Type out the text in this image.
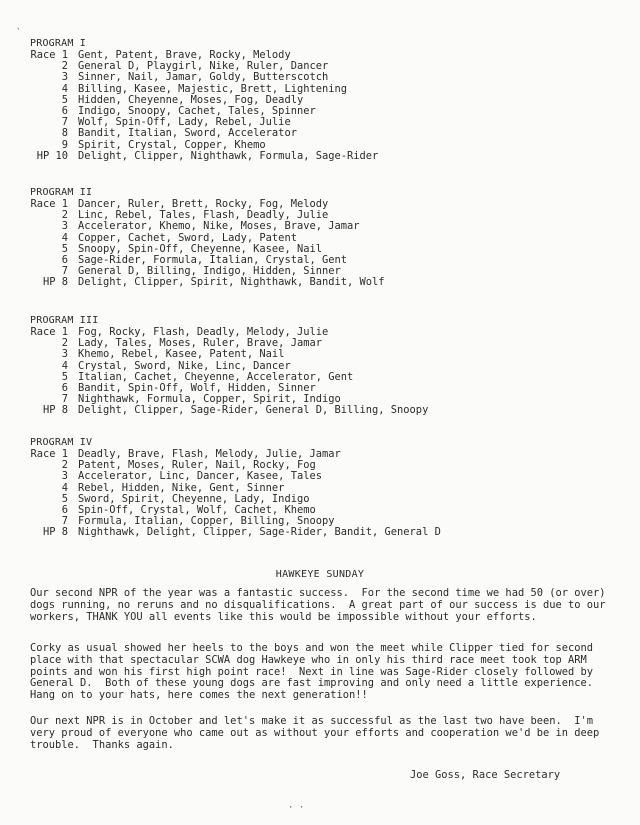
`
· ·
PROGRAM I
Race 1 Gent, Patent, Brave, Rocky, Melody
2 General D, Playgirl, Nike, Ruler, Dancer
3 Sinner, Nail, Jamar, Goldy, Butterscotch
4 Billing, Kasee, Majestic, Brett, Lightening
5 Hidden, Cheyenne, Moses, Fog, Deadly
6 Indigo, Snoopy, Cachet, Tales, Spinner
7 Wolf, Spin-Off, Lady, Rebel, Julie
8 Bandit, Italian, Sword, Accelerator
9 Spirit, Crystal, Copper, Khemo
HP 10 Delight, Clipper, Nighthawk, Formula, Sage-Rider
PROGRAM II
Race 1 Dancer, Ruler, Brett, Rocky, Fog, Melody
2 Linc, Rebel, Tales, Flash, Deadly, Julie
3 Accelerator, Khemo, Nike, Moses, Brave, Jamar
4 Copper, Cachet, Sword, Lady, Patent
5 Snoopy, Spin-Off, Cheyenne, Kasee, Nail
6 Sage-Rider, Formula, Italian, Crystal, Gent
7 General D, Billing, Indigo, Hidden, Sinner
HP 8 Delight, Clipper, Spirit, Nighthawk, Bandit, Wolf
PROGRAM III
Race 1 Fog, Rocky, Flash, Deadly, Melody, Julie
2 Lady, Tales, Moses, Ruler, Brave, Jamar
3 Khemo, Rebel, Kasee, Patent, Nail
4 Crystal, Sword, Nike, Linc, Dancer
5 Italian, Cachet, Cheyenne, Accelerator, Gent
6 Bandit, Spin-Off, Wolf, Hidden, Sinner
7 Nighthawk, Formula, Copper, Spirit, Indigo
HP 8 Delight, Clipper, Sage-Rider, General D, Billing, Snoopy
PROGRAM IV
Race 1 Deadly, Brave, Flash, Melody, Julie, Jamar
2 Patent, Moses, Ruler, Nail, Rocky, Fog
3 Accelerator, Linc, Dancer, Kasee, Tales
4 Rebel, Hidden, Nike, Gent, Sinner
5 Sword, Spirit, Cheyenne, Lady, Indigo
6 Spin-Off, Crystal, Wolf, Cachet, Khemo
7 Formula, Italian, Copper, Billing, Snoopy
HP 8 Nighthawk, Delight, Clipper, Sage-Rider, Bandit, General D
HAWKEYE SUNDAY
Our second NPR of the year was a fantastic success.  For the second time we had 50 (or over)
dogs running, no reruns and no disqualifications.  A great part of our success is due to our
workers, THANK YOU all events like this would be impossible without your efforts.
Corky as usual showed her heels to the boys and won the meet while Clipper tied for second
place with that spectacular SCWA dog Hawkeye who in only his third race meet took top ARM
points and won his first high point race!  Next in line was Sage-Rider closely followed by
General D.  Both of these young dogs are fast improving and only need a little experience.
Hang on to your hats, here comes the next generation!!
Our next NPR is in October and let's make it as successful as the last two have been.  I'm
very proud of everyone who came out as without your efforts and cooperation we'd be in deep
trouble.  Thanks again.
Joe Goss, Race Secretary
